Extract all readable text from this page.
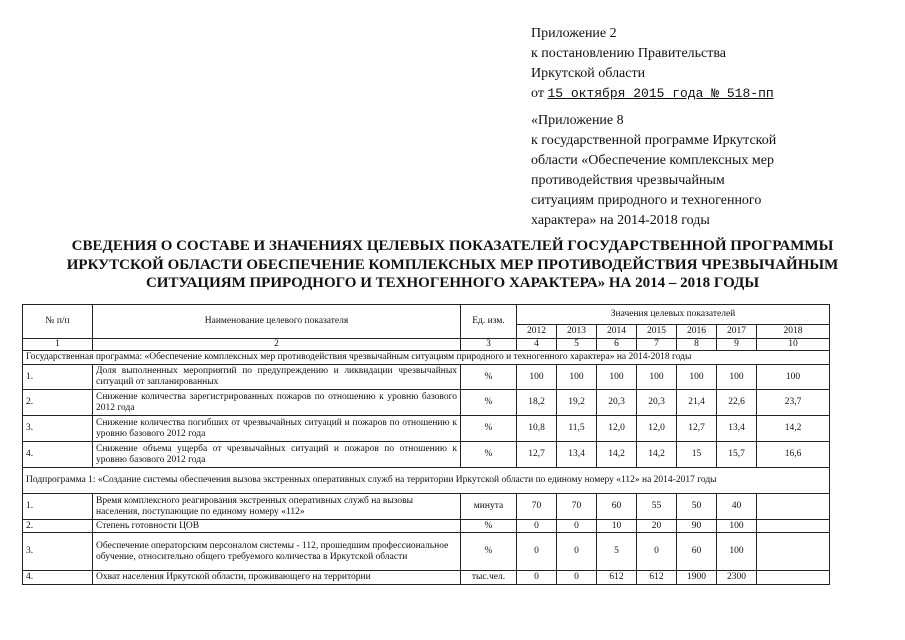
Приложение 2
к постановлению Правительства
Иркутской области
от 15 октября 2015 года № 518-пп
«Приложение 8
к государственной программе Иркутской
области «Обеспечение комплексных мер
противодействия чрезвычайным
ситуациям природного и техногенного
характера» на 2014-2018 годы
СВЕДЕНИЯ О СОСТАВЕ И ЗНАЧЕНИЯХ ЦЕЛЕВЫХ ПОКАЗАТЕЛЕЙ ГОСУДАРСТВЕННОЙ ПРОГРАММЫ ИРКУТСКОЙ ОБЛАСТИ ОБЕСПЕЧЕНИЕ КОМПЛЕКСНЫХ МЕР ПРОТИВОДЕЙСТВИЯ ЧРЕЗВЫЧАЙНЫМ СИТУАЦИЯМ ПРИРОДНОГО И ТЕХНОГЕННОГО ХАРАКТЕРА» НА 2014 – 2018 ГОДЫ
№ п/п	Наименование целевого показателя	Ед. изм.	Значения целевых показателей						
			2012	2013	2014	2015	2016	2017	2018
1	2	3	4	5	6	7	8	9	10
Государственная программа: «Обеспечение комплексных мер противодействия чрезвычайным ситуациям природного и техногенного характера» на 2014-2018 годы									
1.	Доля выполненных мероприятий по предупреждению и ликвидации чрезвычайных ситуаций от запланированных	%	100	100	100	100	100	100	100
2.	Снижение количества зарегистрированных пожаров по отношению к уровню базового 2012 года	%	18,2	19,2	20,3	20,3	21,4	22,6	23,7
3.	Снижение количества погибших от чрезвычайных ситуаций и пожаров по отношению к уровню базового 2012 года	%	10,8	11,5	12,0	12,0	12,7	13,4	14,2
4.	Снижение объема ущерба от чрезвычайных ситуаций и пожаров по отношению к уровню базового 2012 года	%	12,7	13,4	14,2	14,2	15	15,7	16,6
Подпрограмма 1: «Создание системы обеспечения вызова экстренных оперативных служб на территории Иркутской области по единому номеру «112» на 2014-2017 годы									
1.	Время комплексного реагирования экстренных оперативных служб на вызовы населения, поступающие по единому номеру «112»	минута	70	70	60	55	50	40	
2.	Степень готовности ЦОВ	%	0	0	10	20	90	100	
3.	Обеспечение операторским персоналом системы - 112, прошедшим профессиональное обучение, относительно общего требуемого количества в Иркутской области	%	0	0	5	0	60	100	
4.	Охват населения Иркутской области, проживающего на территории	тыс.чел.	0	0	612	612	1900	2300	
